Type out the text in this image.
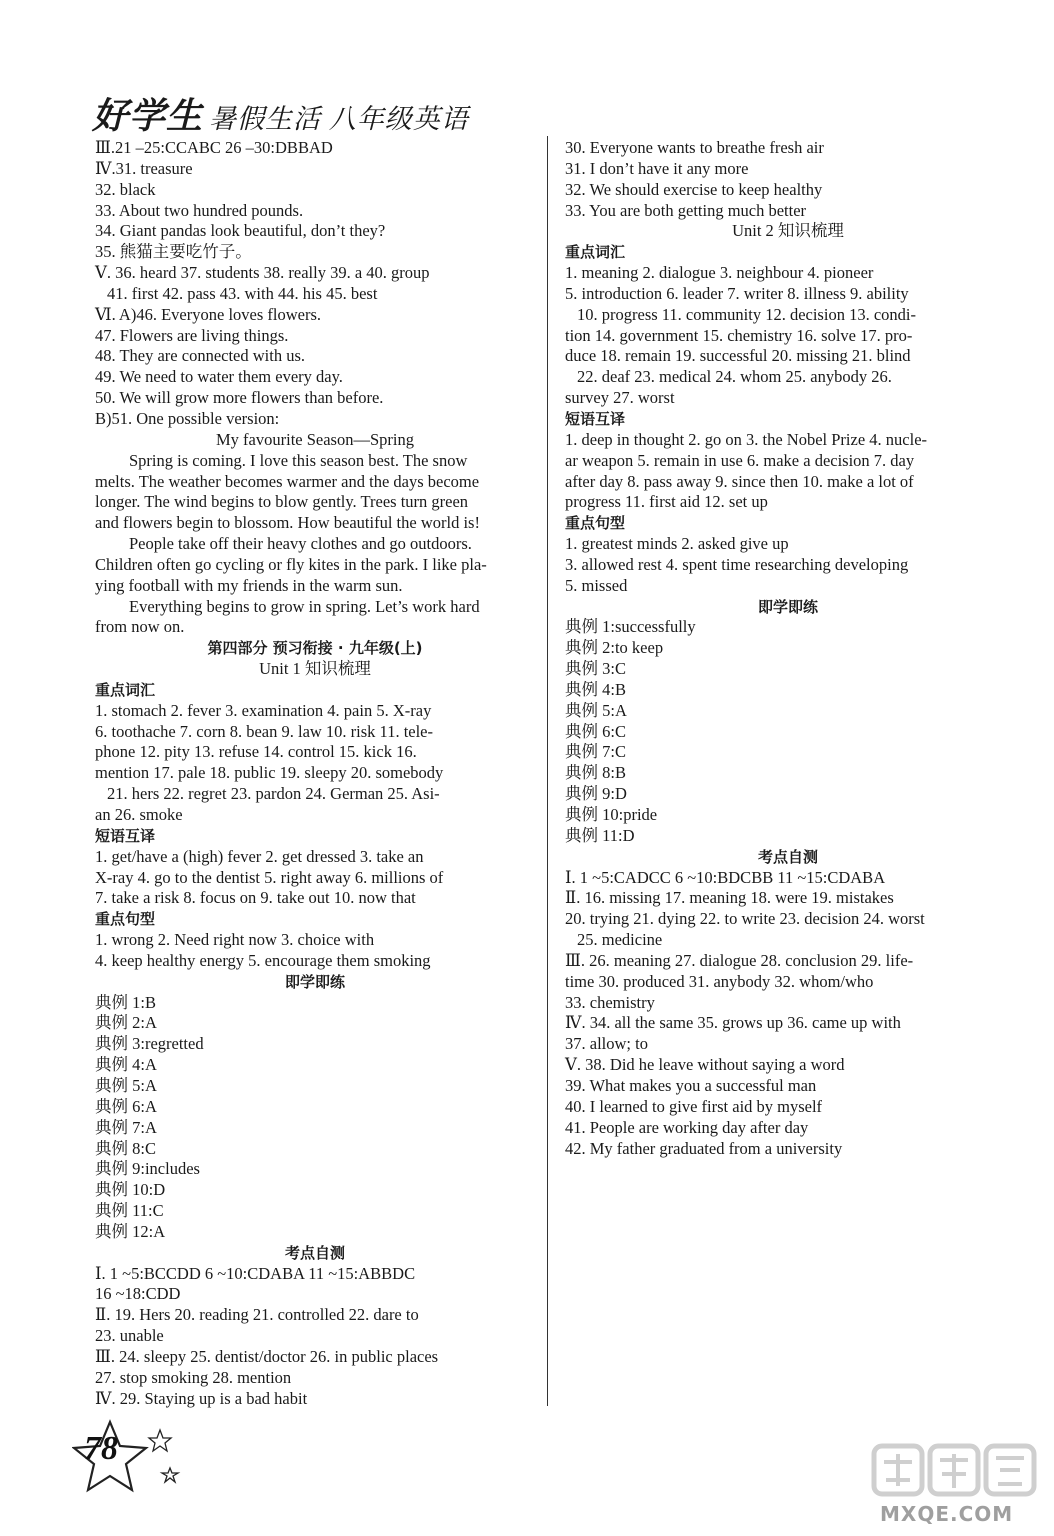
好学生 暑假生活 八年级英语
Ⅲ.21 –25:CCABC 26 –30:DBBAD
Ⅳ.31. treasure
32. black
33. About two hundred pounds.
34. Giant pandas look beautiful, don’t they?
35. 熊猫主要吃竹子。
Ⅴ. 36. heard 37. students 38. really 39. a 40. group
41. first 42. pass 43. with 44. his 45. best
Ⅵ. A)46. Everyone loves flowers.
47. Flowers are living things.
48. They are connected with us.
49. We need to water them every day.
50. We will grow more flowers than before.
B)51. One possible version:
My favourite Season—Spring
Spring is coming. I love this season best. The snow
melts. The weather becomes warmer and the days become
longer. The wind begins to blow gently. Trees turn green
and flowers begin to blossom. How beautiful the world is!
People take off their heavy clothes and go outdoors.
Children often go cycling or fly kites in the park. I like pla-
ying football with my friends in the warm sun.
Everything begins to grow in spring. Let’s work hard
from now on.
第四部分 预习衔接 · 九年级(上)
Unit 1 知识梳理
重点词汇
1. stomach 2. fever 3. examination 4. pain 5. X-ray
6. toothache 7. corn 8. bean 9. law 10. risk 11. tele-
phone 12. pity 13. refuse 14. control 15. kick 16.
mention 17. pale 18. public 19. sleepy 20. somebody
21. hers 22. regret 23. pardon 24. German 25. Asi-
an 26. smoke
短语互译
1. get/have a (high) fever 2. get dressed 3. take an
X-ray 4. go to the dentist 5. right away 6. millions of
7. take a risk 8. focus on 9. take out 10. now that
重点句型
1. wrong 2. Need right now 3. choice with
4. keep healthy energy 5. encourage them smoking
即学即练
典例 1:B
典例 2:A
典例 3:regretted
典例 4:A
典例 5:A
典例 6:A
典例 7:A
典例 8:C
典例 9:includes
典例 10:D
典例 11:C
典例 12:A
考点自测
Ⅰ. 1 ~5:BCCDD 6 ~10:CDABA 11 ~15:ABBDC
16 ~18:CDD
Ⅱ. 19. Hers 20. reading 21. controlled 22. dare to
23. unable
Ⅲ. 24. sleepy 25. dentist/doctor 26. in public places
27. stop smoking 28. mention
Ⅳ. 29. Staying up is a bad habit
30. Everyone wants to breathe fresh air
31. I don’t have it any more
32. We should exercise to keep healthy
33. You are both getting much better
Unit 2 知识梳理
重点词汇
1. meaning 2. dialogue 3. neighbour 4. pioneer
5. introduction 6. leader 7. writer 8. illness 9. ability
10. progress 11. community 12. decision 13. condi-
tion 14. government 15. chemistry 16. solve 17. pro-
duce 18. remain 19. successful 20. missing 21. blind
22. deaf 23. medical 24. whom 25. anybody 26.
survey 27. worst
短语互译
1. deep in thought 2. go on 3. the Nobel Prize 4. nucle-
ar weapon 5. remain in use 6. make a decision 7. day
after day 8. pass away 9. since then 10. make a lot of
progress 11. first aid 12. set up
重点句型
1. greatest minds 2. asked give up
3. allowed rest 4. spent time researching developing
5. missed
即学即练
典例 1:successfully
典例 2:to keep
典例 3:C
典例 4:B
典例 5:A
典例 6:C
典例 7:C
典例 8:B
典例 9:D
典例 10:pride
典例 11:D
考点自测
Ⅰ. 1 ~5:CADCC 6 ~10:BDCBB 11 ~15:CDABA
Ⅱ. 16. missing 17. meaning 18. were 19. mistakes
20. trying 21. dying 22. to write 23. decision 24. worst
25. medicine
Ⅲ. 26. meaning 27. dialogue 28. conclusion 29. life-
time 30. produced 31. anybody 32. whom/who
33. chemistry
Ⅳ. 34. all the same 35. grows up 36. came up with
37. allow; to
Ⅴ. 38. Did he leave without saying a word
39. What makes you a successful man
40. I learned to give first aid by myself
41. People are working day after day
42. My father graduated from a university
78
MXQE.COM
